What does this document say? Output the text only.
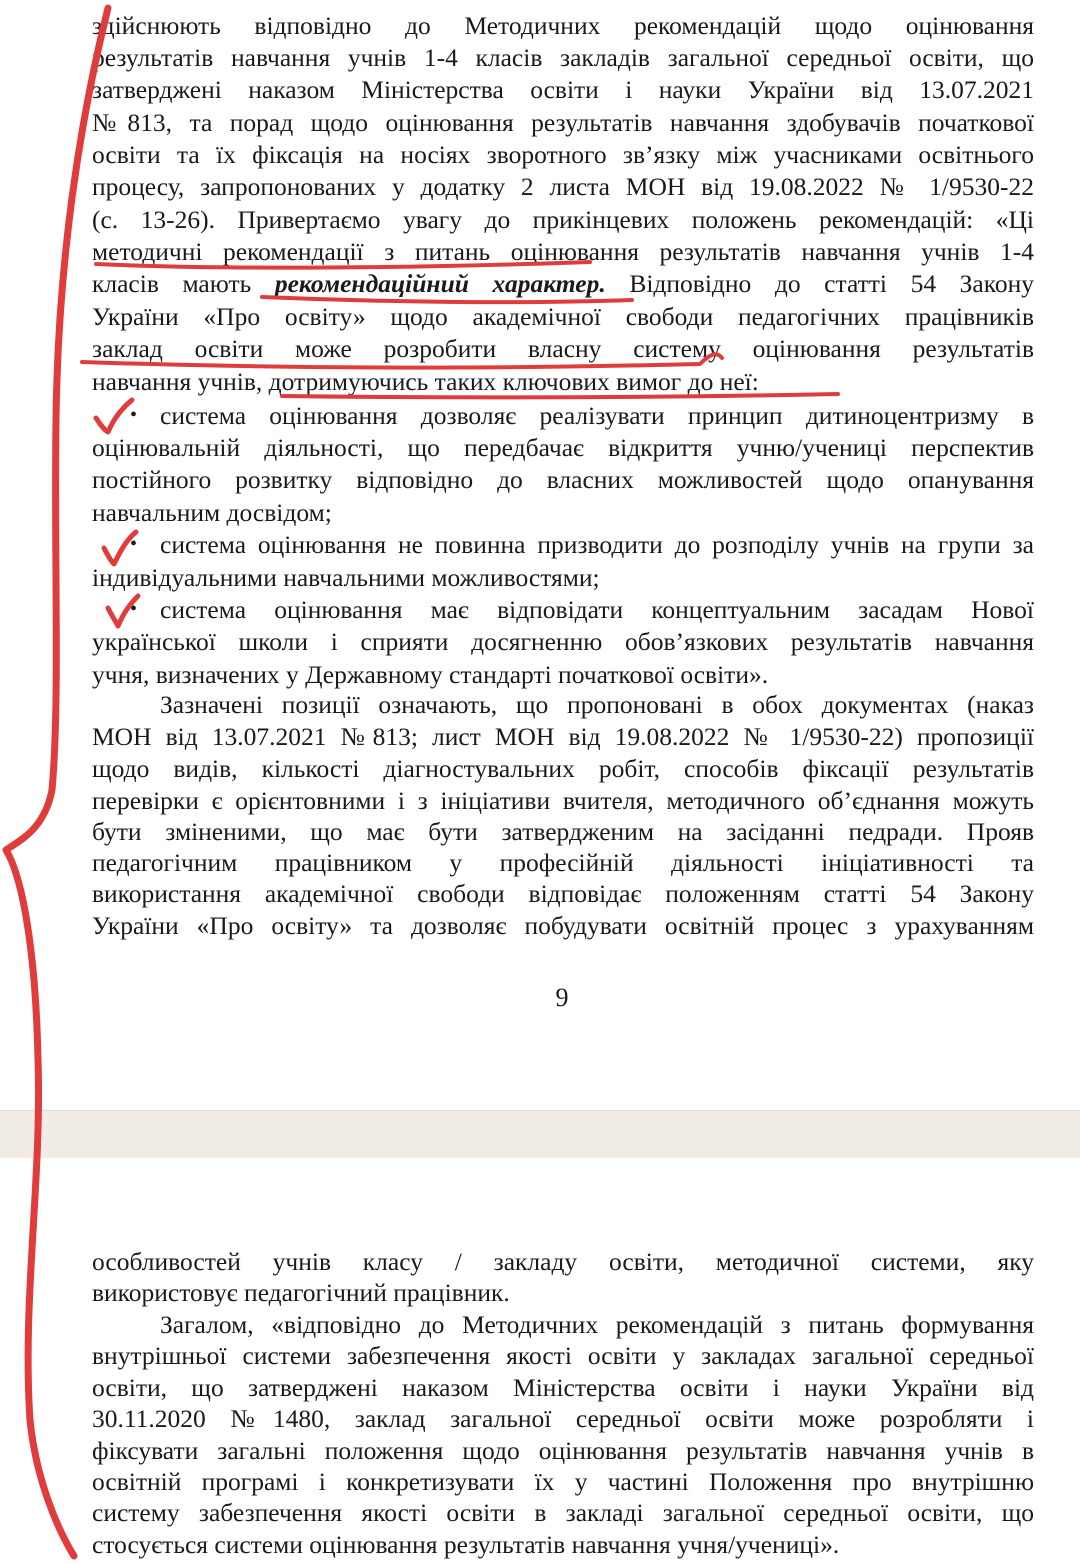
здійснюють відповідно до Методичних рекомендацій щодо оцінювання
результатів навчання учнів 1-4 класів закладів загальної середньої освіти, що
затверджені наказом Міністерства освіти і науки України від 13.07.2021
№813, та порад щодо оцінювання результатів навчання здобувачів початкової
освіти та їх фіксація на носіях зворотного зв’язку між учасниками освітнього
процесу, запропонованих у додатку 2 листа МОН від 19.08.2022 № 1/9530-22
(с. 13-26). Привертаємо увагу до прикінцевих положень рекомендацій: «Ці
методичні рекомендації з питань оцінювання результатів навчання учнів 1-4
класів мають рекомендаційний характер. Відповідно до статті 54 Закону
України «Про освіту» щодо академічної свободи педагогічних працівників
заклад освіти може розробити власну систему оцінювання результатів
навчання учнів, дотримуючись таких ключових вимог до неї:
• система оцінювання дозволяє реалізувати принцип дитиноцентризму в
оцінювальній діяльності, що передбачає відкриття учню/учениці перспектив
постійного розвитку відповідно до власних можливостей щодо опанування
навчальним досвідом;
• система оцінювання не повинна призводити до розподілу учнів на групи за
індивідуальними навчальними можливостями;
• система оцінювання має відповідати концептуальним засадам Нової
української школи і сприяти досягненню обов’язкових результатів навчання
учня, визначених у Державному стандарті початкової освіти».
Зазначені позиції означають, що пропоновані в обох документах (наказ
МОН від 13.07.2021 №813; лист МОН від 19.08.2022 № 1/9530-22) пропозиції
щодо видів, кількості діагностувальних робіт, способів фіксації результатів
перевірки є орієнтовними і з ініціативи вчителя, методичного об’єднання можуть
бути зміненими, що має бути затвердженим на засіданні педради. Прояв
педагогічним працівником у професійній діяльності ініціативності та
використання академічної свободи відповідає положенням статті 54 Закону
України «Про освіту» та дозволяє побудувати освітній процес з урахуванням
9
особливостей учнів класу / закладу освіти, методичної системи, яку
використовує педагогічний працівник.
Загалом, «відповідно до Методичних рекомендацій з питань формування
внутрішньої системи забезпечення якості освіти у закладах загальної середньої
освіти, що затверджені наказом Міністерства освіти і науки України від
30.11.2020 №1480, заклад загальної середньої освіти може розробляти і
фіксувати загальні положення щодо оцінювання результатів навчання учнів в
освітній програмі і конкретизувати їх у частині Положення про внутрішню
систему забезпечення якості освіти в закладі загальної середньої освіти, що
стосується системи оцінювання результатів навчання учня/учениці».
